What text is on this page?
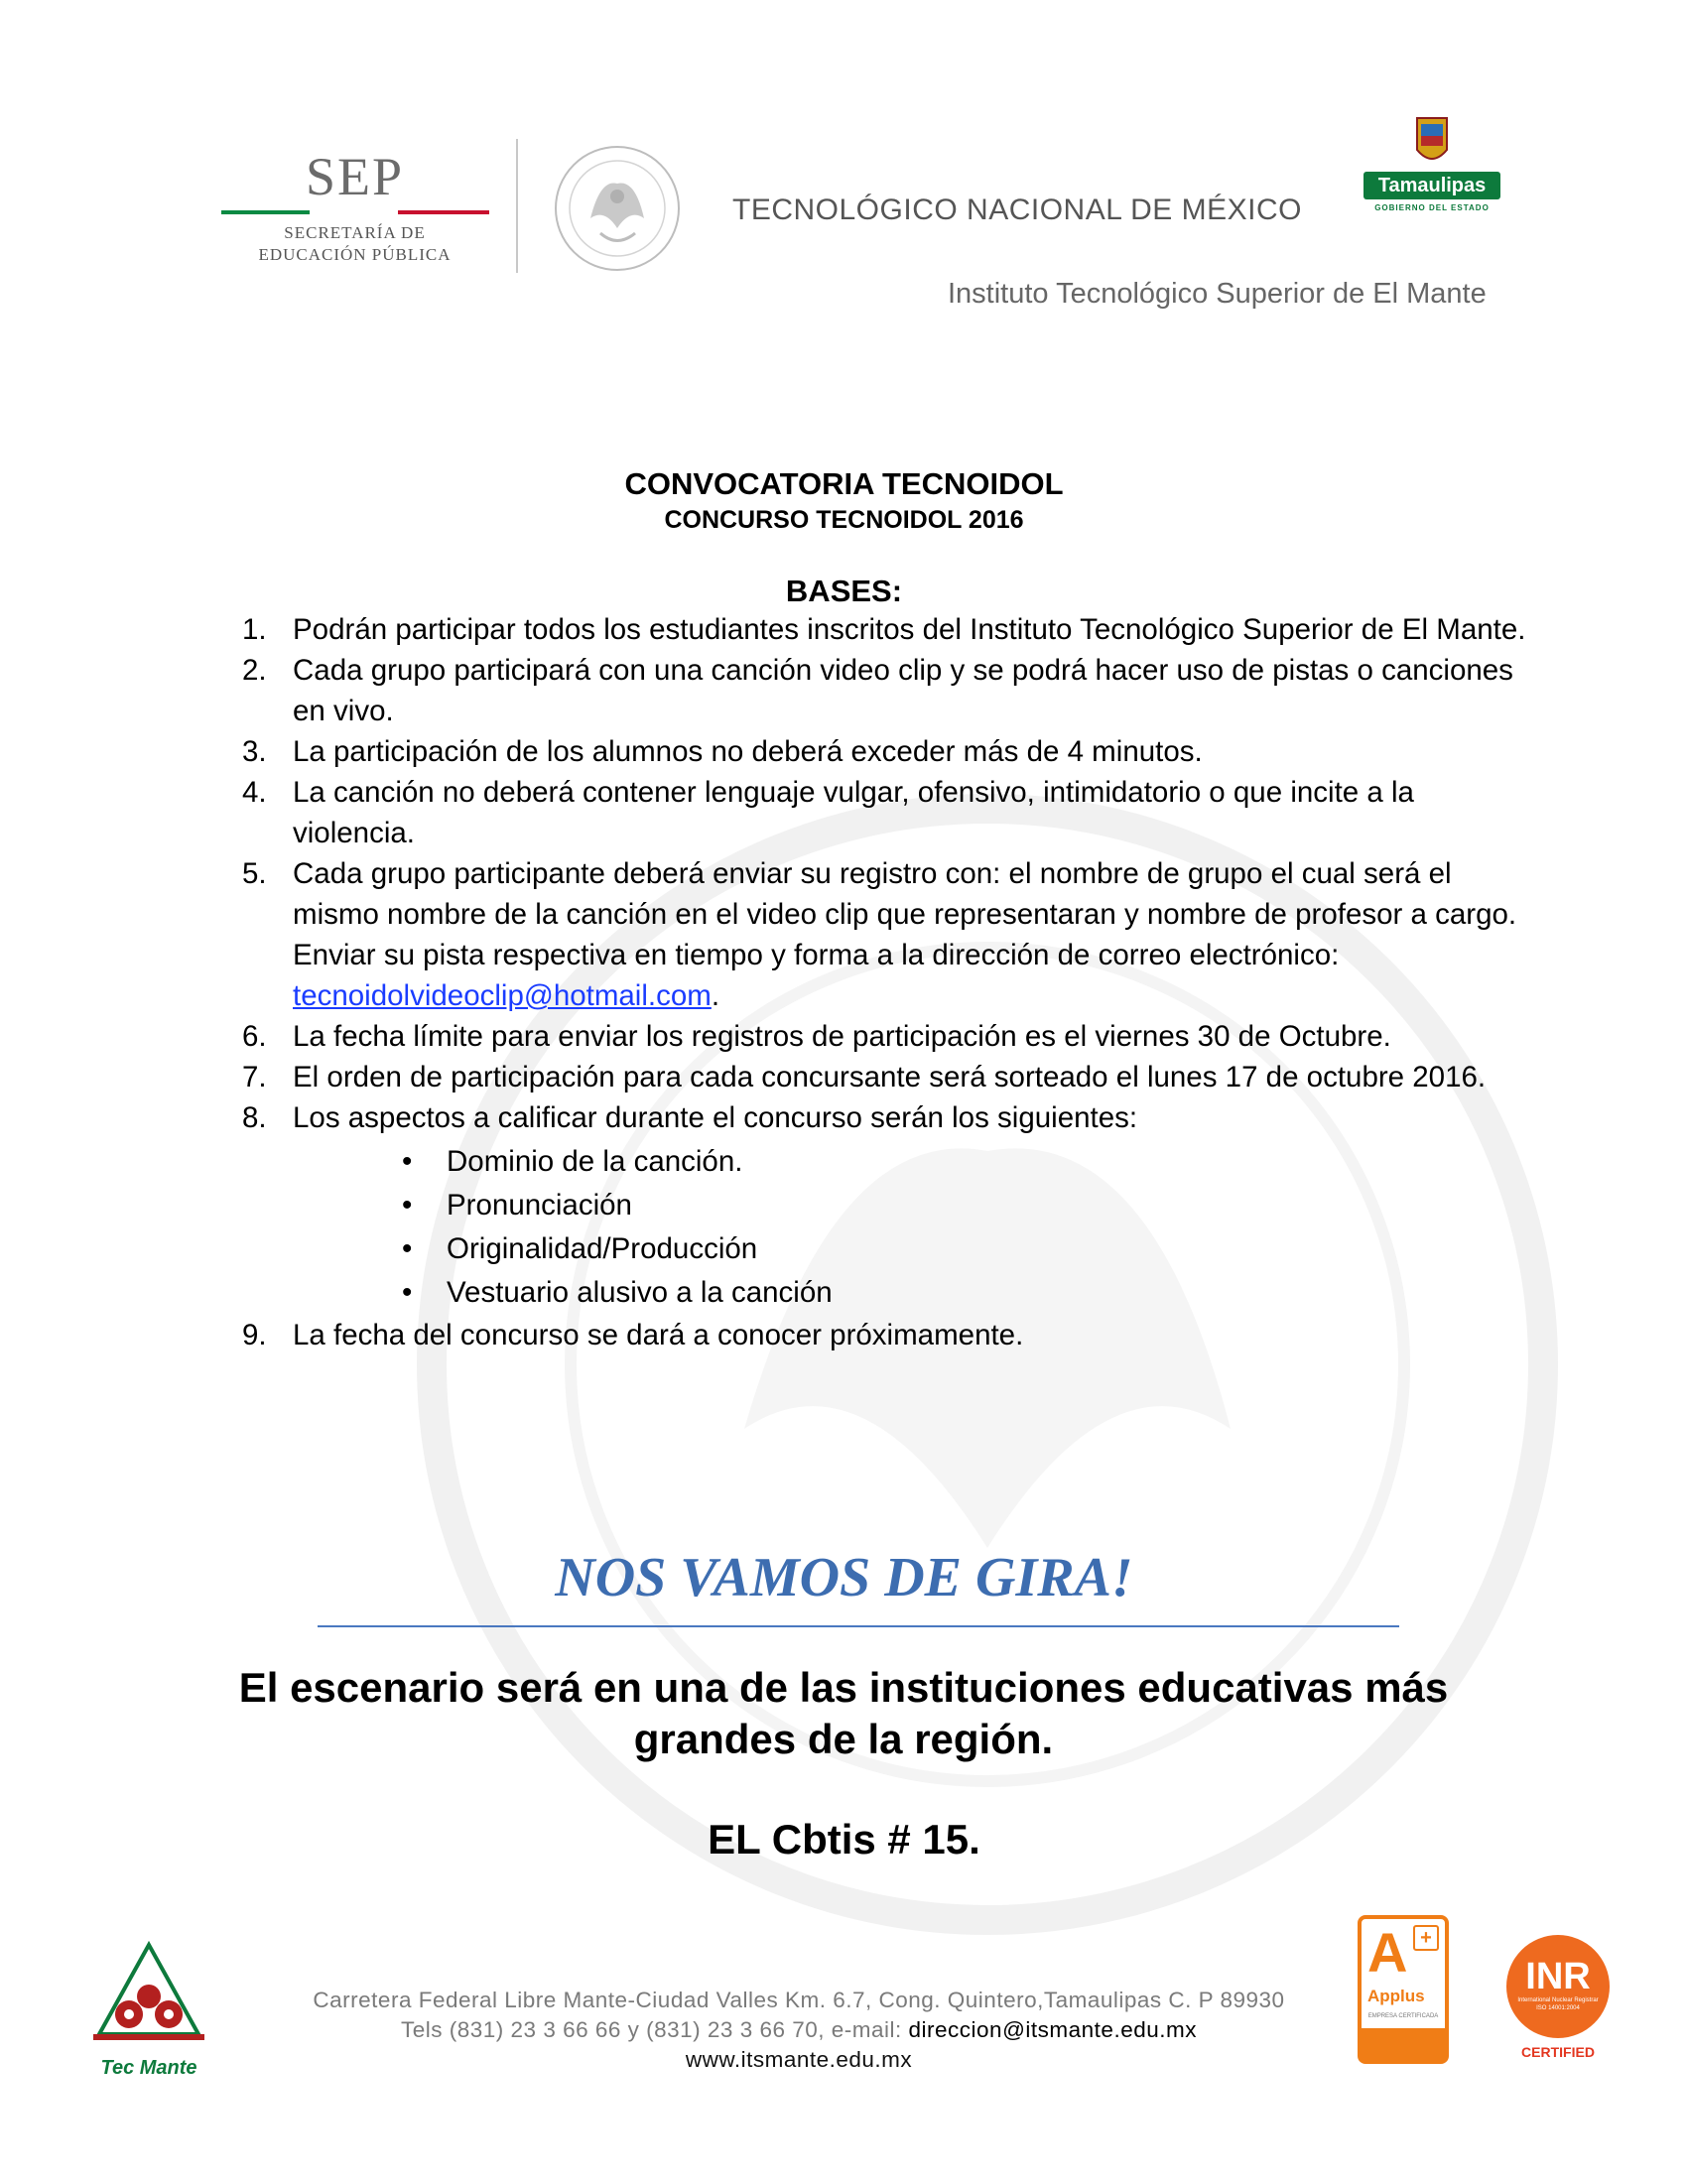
SEP
SECRETARÍA DE
EDUCACIÓN PÚBLICA
TECNOLÓGICO NACIONAL DE MÉXICO
Tamaulipas
GOBIERNO DEL ESTADO
Instituto Tecnológico Superior de El Mante
CONVOCATORIA TECNOIDOL
CONCURSO TECNOIDOL 2016
BASES:
1. Podrán participar todos los estudiantes inscritos del Instituto Tecnológico Superior de El Mante.
2. Cada grupo participará con una canción video clip y se podrá hacer uso de pistas o canciones en vivo.
3. La participación de los alumnos no deberá exceder más de 4 minutos.
4. La canción no deberá contener lenguaje vulgar, ofensivo, intimidatorio o que incite a la violencia.
5. Cada grupo participante deberá enviar su registro con: el nombre de grupo el cual será el mismo nombre de la canción en el video clip que representaran y nombre de profesor a cargo. Enviar su pista respectiva en tiempo y forma a la dirección de correo electrónico: tecnoidolvideoclip@hotmail.com.
6. La fecha límite para enviar los registros de participación es el viernes 30 de Octubre.
7. El orden de participación para cada concursante será sorteado el lunes 17 de octubre 2016.
8. Los aspectos a calificar durante el concurso serán los siguientes:
• Dominio de la canción.
• Pronunciación
• Originalidad/Producción
• Vestuario alusivo a la canción
9. La fecha del concurso se dará a conocer próximamente.
NOS VAMOS DE GIRA!
El escenario será en una de las instituciones educativas más grandes de la región.
EL Cbtis # 15.
Tec Mante
Carretera Federal Libre Mante-Ciudad Valles Km. 6.7, Cong. Quintero,Tamaulipas C. P 89930
Tels (831) 23 3 66 66 y (831) 23 3 66 70, e-mail: direccion@itsmante.edu.mx
www.itsmante.edu.mx
A +
Applus
EMPRESA CERTIFICADA
INR
International Nuclear Registrar ISO 14001:2004
CERTIFIED
